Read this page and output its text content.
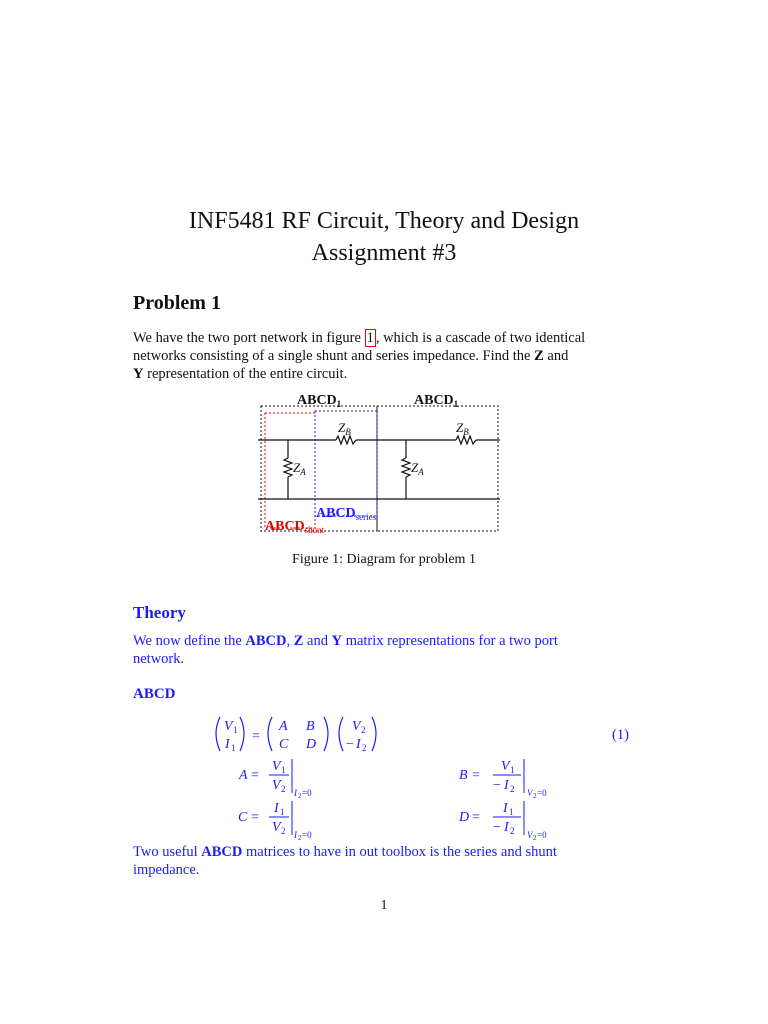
INF5481 RF Circuit, Theory and Design
Assignment #3
Problem 1
We have the two port network in figure 1 , which is a cascade of two identical
networks consisting of a single shunt and series impedance. Find the Z and
Y representation of the entire circuit.
$ABCD_1$	$ABCD_1$
$Z_B$	$Z_B$
$Z_A$	$Z_A$
$ABCD_{series}$
$ABCD_{shunt}$
Figure 1: Diagram for problem 1
Theory
We now define the ABCD, Z and Y matrix representations for a two port
network.
ABCD
V 1
I 1
=
A B
C D
V 2
− I 2
(1)
A =
V 1
V 2 I 2 =0
B =
V 1
− I 2 V 2 =0
C =
I 1
V 2 I 2 =0
D =
I 1
− I 2 V 2 =0
Two useful ABCD matrices to have in out toolbox is the series and shunt
impedance.
1
